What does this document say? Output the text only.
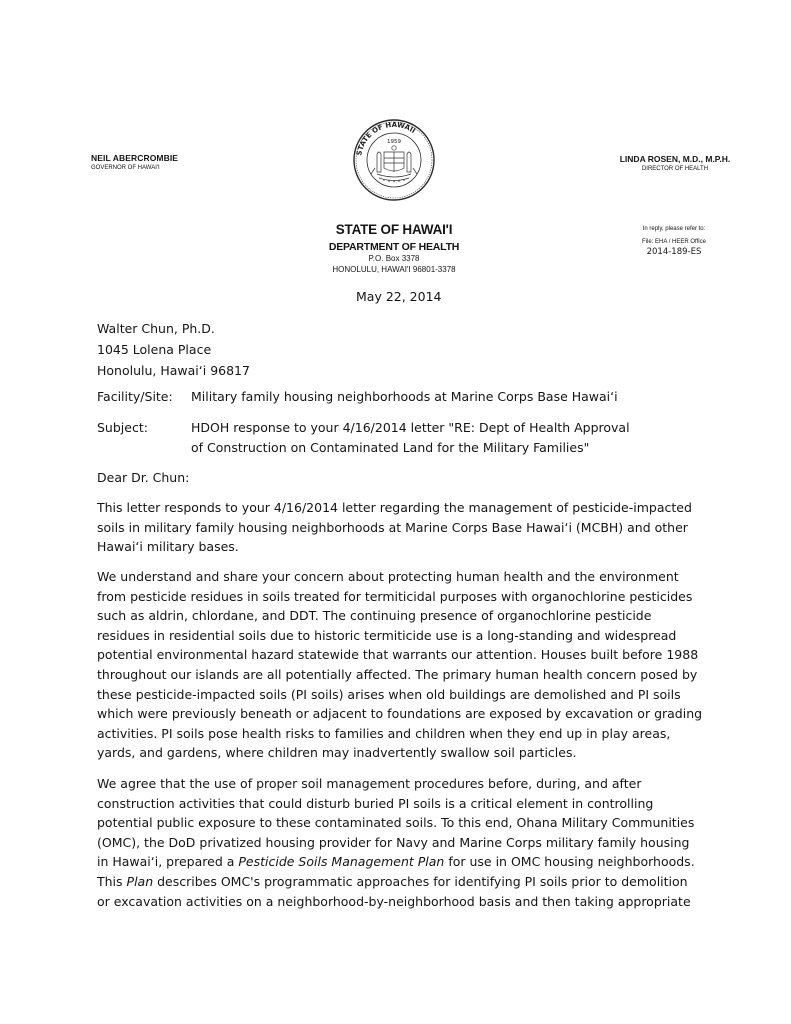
NEIL ABERCROMBIE
GOVERNOR OF HAWAI'I
STATE OF HAWAII
1959
LINDA ROSEN, M.D., M.P.H.
DIRECTOR OF HEALTH
STATE OF HAWAI'I
DEPARTMENT OF HEALTH
P.O. Box 3378
HONOLULU, HAWAI'I 96801-3378
In reply, please refer to:
File: EHA / HEER Office
2014-189-ES
May 22, 2014
Walter Chun, Ph.D.
1045 Lolena Place
Honolulu, Hawai‘i 96817
Facility/Site:	Military family housing neighborhoods at Marine Corps Base Hawai‘i
Subject:	HDOH response to your 4/16/2014 letter "RE: Dept of Health Approval
of Construction on Contaminated Land for the Military Families"
Dear Dr. Chun:
This letter responds to your 4/16/2014 letter regarding the management of pesticide-impacted
soils in military family housing neighborhoods at Marine Corps Base Hawai‘i (MCBH) and other
Hawai‘i military bases.
We understand and share your concern about protecting human health and the environment
from pesticide residues in soils treated for termiticidal purposes with organochlorine pesticides
such as aldrin, chlordane, and DDT. The continuing presence of organochlorine pesticide
residues in residential soils due to historic termiticide use is a long-standing and widespread
potential environmental hazard statewide that warrants our attention. Houses built before 1988
throughout our islands are all potentially affected. The primary human health concern posed by
these pesticide-impacted soils (PI soils) arises when old buildings are demolished and PI soils
which were previously beneath or adjacent to foundations are exposed by excavation or grading
activities. PI soils pose health risks to families and children when they end up in play areas,
yards, and gardens, where children may inadvertently swallow soil particles.
We agree that the use of proper soil management procedures before, during, and after
construction activities that could disturb buried PI soils is a critical element in controlling
potential public exposure to these contaminated soils. To this end, Ohana Military Communities
(OMC), the DoD privatized housing provider for Navy and Marine Corps military family housing
in Hawai‘i, prepared a Pesticide Soils Management Plan for use in OMC housing neighborhoods.
This Plan describes OMC's programmatic approaches for identifying PI soils prior to demolition
or excavation activities on a neighborhood-by-neighborhood basis and then taking appropriate
